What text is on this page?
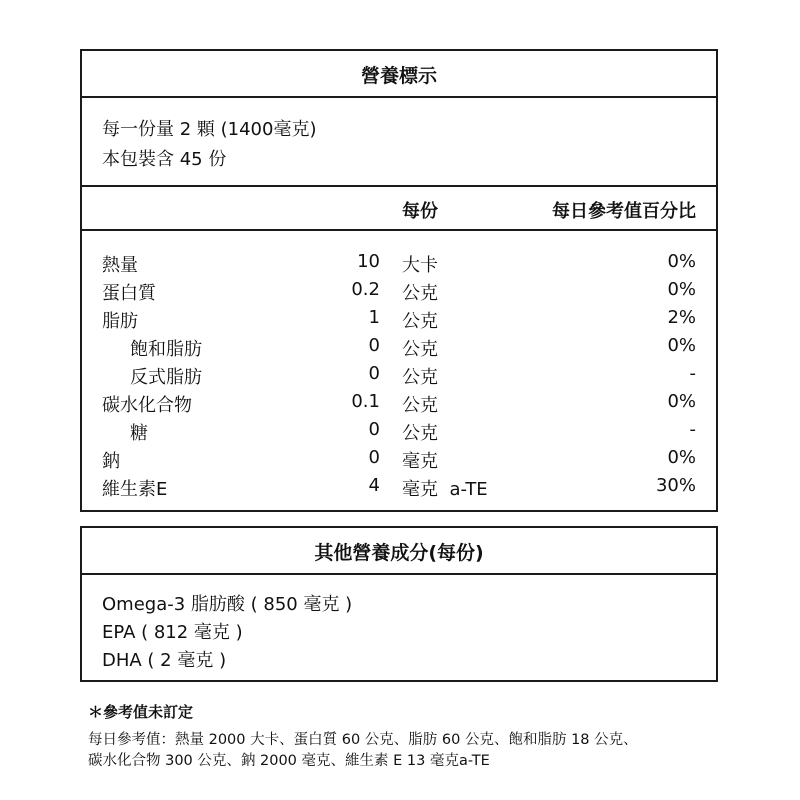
營養標示
每一份量 2 顆 (1400毫克)
本包裝含 45 份
每份	每日參考值百分比
熱量	10 大卡	0%
蛋白質	0.2 公克	0%
脂肪	1 公克	2%
飽和脂肪	0 公克	0%
反式脂肪	0 公克	-
碳水化合物	0.1 公克	0%
糖	0 公克	-
鈉	0 毫克	0%
維生素E	4 毫克  a-TE	30%
其他營養成分(每份)
Omega-3 脂肪酸 ( 850 毫克 )
EPA ( 812 毫克 )
DHA ( 2 毫克 )
＊參考值未訂定
每日參考值：熱量 2000 大卡、蛋白質 60 公克、脂肪 60 公克、飽和脂肪 18 公克、
碳水化合物 300 公克、鈉 2000 毫克、維生素 E 13 毫克a-TE
